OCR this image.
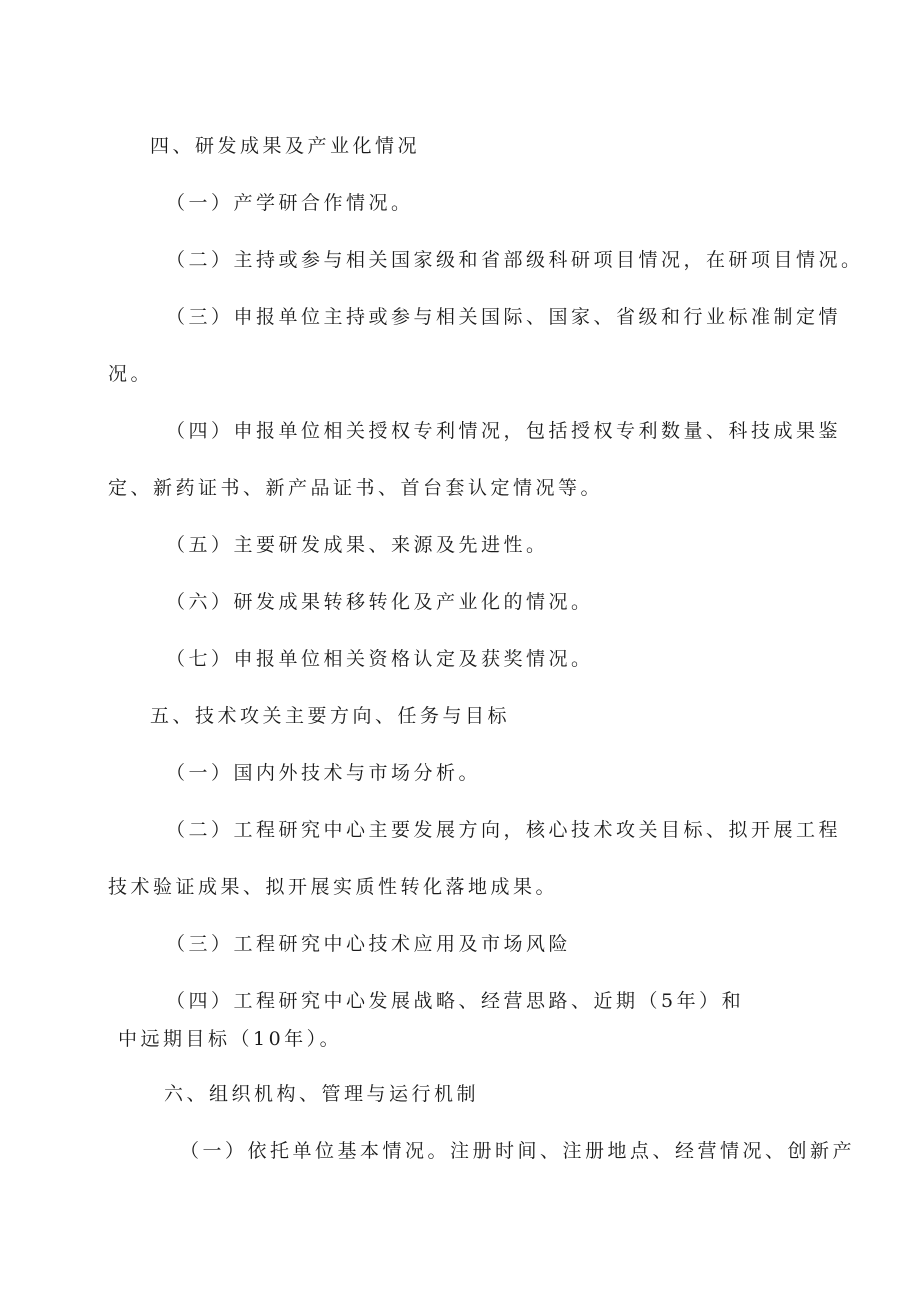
四、研发成果及产业化情况

（一）产学研合作情况。

（二）主持或参与相关国家级和省部级科研项目情况，在研项目情况。

（三）申报单位主持或参与相关国际、国家、省级和行业标准制定情

况。

（四）申报单位相关授权专利情况，包括授权专利数量、科技成果鉴

定、新药证书、新产品证书、首台套认定情况等。

（五）主要研发成果、来源及先进性。

（六）研发成果转移转化及产业化的情况。

（七）申报单位相关资格认定及获奖情况。

五、技术攻关主要方向、任务与目标

（一）国内外技术与市场分析。

（二）工程研究中心主要发展方向，核心技术攻关目标、拟开展工程

技术验证成果、拟开展实质性转化落地成果。

（三）工程研究中心技术应用及市场风险

（四）工程研究中心发展战略、经营思路、近期（5年）和

中远期目标（10年）。

六、组织机构、管理与运行机制

（一）依托单位基本情况。注册时间、注册地点、经营情况、创新产
